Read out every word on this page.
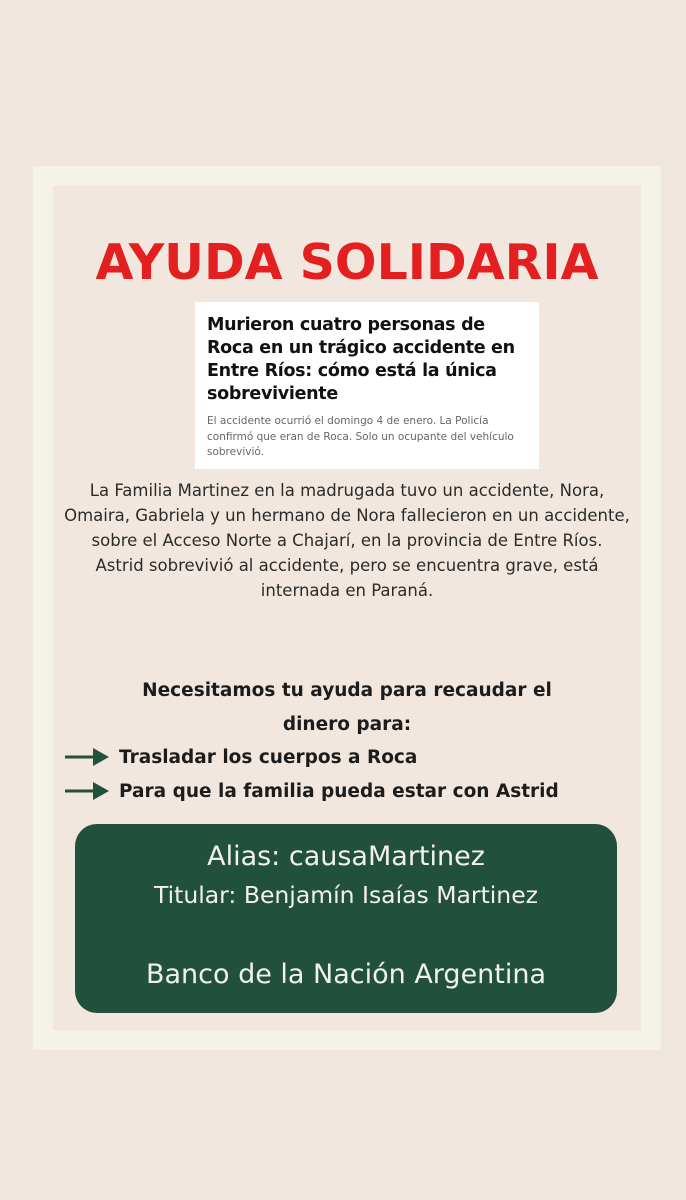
AYUDA SOLIDARIA
Murieron cuatro personas de Roca en un trágico accidente en Entre Ríos: cómo está la única sobreviviente
El accidente ocurrió el domingo 4 de enero. La Policía confirmó que eran de Roca. Solo un ocupante del vehículo sobrevivió.

La Familia Martinez en la madrugada tuvo un accidente, Nora, Omaira, Gabriela y un hermano de Nora fallecieron en un accidente, sobre el Acceso Norte a Chajarí, en la provincia de Entre Ríos.

Astrid sobrevivió al accidente, pero se encuentra grave, está internada en Paraná.

Necesitamos tu ayuda para recaudar el dinero para:
Trasladar los cuerpos a Roca
Para que la familia pueda estar con Astrid
Alias: causaMartinez
Titular: Benjamín Isaías Martinez
Banco de la Nación Argentina
